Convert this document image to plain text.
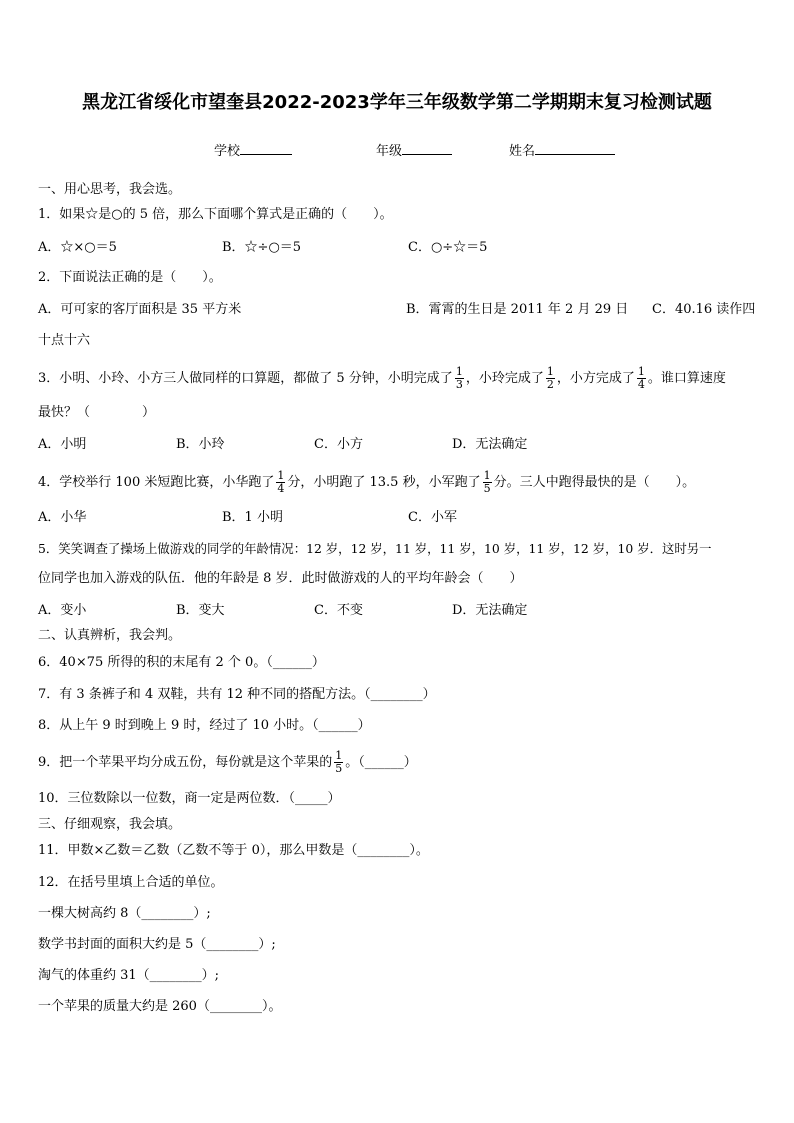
黑龙江省绥化市望奎县2022-2023学年三年级数学第二学期期末复习检测试题
学校	年级	姓名
一、用心思考，我会选。
1．如果☆是○的 5 倍，那么下面哪个算式是正确的（　　）。
A．☆×○＝5	B．☆÷○＝5	C．○÷☆＝5
2．下面说法正确的是（　　）。
A．可可家的客厅面积是 35 平方米	B．霄霄的生日是 2011 年 2 月 29 日 C．40.16 读作四
十点十六
3．小明、小玲、小方三人做同样的口算题，都做了 5 分钟，小明完成了 $\frac{1}{3}$ ，小玲完成了 $\frac{1}{2}$ ，小方完成了 $\frac{1}{4}$ 。谁口算速度
最快？（　　　　）
A．小明	B．小玲	C．小方	D．无法确定
4．学校举行 100 米短跑比赛，小华跑了 $\frac{1}{4}$ 分，小明跑了 13.5 秒，小军跑了 $\frac{1}{5}$ 分。三人中跑得最快的是（　　）。
A．小华	B．1 小明	C．小军
5．笑笑调查了操场上做游戏的同学的年龄情况：12 岁，12 岁，11 岁，11 岁，10 岁，11 岁，12 岁，10 岁．这时另一
位同学也加入游戏的队伍．他的年龄是 8 岁．此时做游戏的人的平均年龄会（　　）
A．变小	B．变大	C．不变	D．无法确定
二、认真辨析，我会判。
6．40×75 所得的积的末尾有 2 个 0。（______）
7．有 3 条裤子和 4 双鞋，共有 12 种不同的搭配方法。（________）
8．从上午 9 时到晚上 9 时，经过了 10 小时。（______）
9．把一个苹果平均分成五份，每份就是这个苹果的 $\frac{1}{5}$ 。（______）
10．三位数除以一位数，商一定是两位数．（_____）
三、仔细观察，我会填。
11．甲数×乙数＝乙数（乙数不等于 0），那么甲数是（________）。
12．在括号里填上合适的单位。
一棵大树高约 8（________）;
数学书封面的面积大约是 5（________）;
淘气的体重约 31（________）;
一个苹果的质量大约是 260（________）。
